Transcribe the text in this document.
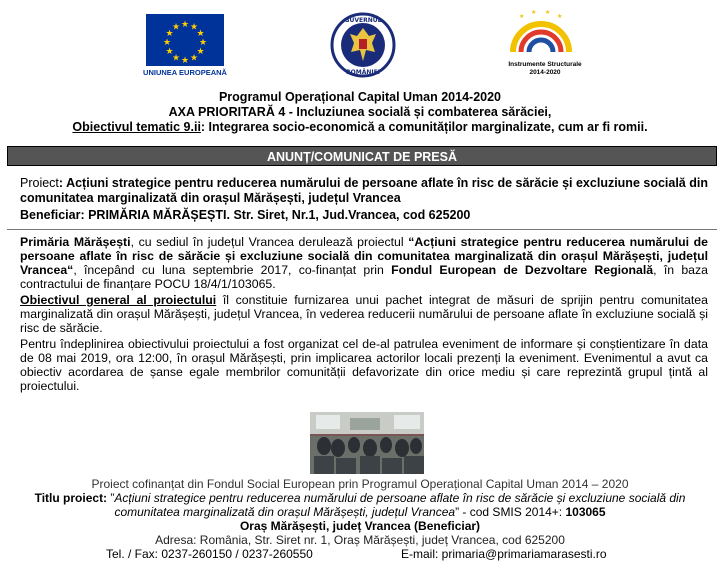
★ ★
★
★
★
★
★
★
★
★
★
★
UNIUNEA EUROPEANĂ
GUVERNUL
ROMÂNIEI
★
★ ★
★
Instrumente Structurale
2014-2020
Programul Operațional Capital Uman 2014-2020
AXA PRIORITARĂ 4 - Incluziunea socială și combaterea sărăciei,
Obiectivul tematic 9.ii: Integrarea socio-economică a comunităților marginalizate, cum ar fi romii.
ANUNȚ/COMUNICAT DE PRESĂ
Proiect: Acțiuni strategice pentru reducerea numărului de persoane aflate în risc de sărăcie și excluziune socială din comunitatea marginalizată din orașul Mărășești, județul Vrancea
Beneficiar: PRIMĂRIA MĂRĂȘEȘTI. Str. Siret, Nr.1, Jud.Vrancea, cod 625200

Primăria Mărășești, cu sediul în județul Vrancea derulează proiectul “Acțiuni strategice pentru reducerea numărului de persoane aflate în risc de sărăcie și excluziune socială din comunitatea marginalizată din orașul Mărășești, județul Vrancea“, începând cu luna septembrie 2017, co-finanțat prin Fondul European de Dezvoltare Regională, în baza contractului de finanțare POCU 18/4/1/103065.

Obiectivul general al proiectului îl constituie furnizarea unui pachet integrat de măsuri de sprijin pentru comunitatea marginalizată din orașul Mărășești, județul Vrancea, în vederea reducerii numărului de persoane aflate în excluziune socială și risc de sărăcie.

Pentru îndeplinirea obiectivului proiectului a fost organizat cel de-al patrulea eveniment de informare și conștientizare în data de 08 mai 2019, ora 12:00, în orașul Mărășești, prin implicarea actorilor locali prezenți la eveniment. Evenimentul a avut ca obiectiv acordarea de șanse egale membrilor comunității defavorizate din orice mediu și care reprezintă grupul țintă al proiectului.

Proiect cofinanțat din Fondul Social European prin Programul Operațional Capital Uman 2014 – 2020
Titlu proiect: ”Acțiuni strategice pentru reducerea numărului de persoane aflate în risc de sărăcie și excluziune socială din comunitatea marginalizată din orașul Mărășești, județul Vrancea” - cod SMIS 2014+: 103065
Oraș Mărășești, județ Vrancea (Beneficiar)
Adresa: România, Str. Siret nr. 1, Oraș Mărășești, județ Vrancea, cod 625200
Tel. / Fax: 0237-260150 / 0237-260550	E-mail: primaria@primariamarasesti.ro
